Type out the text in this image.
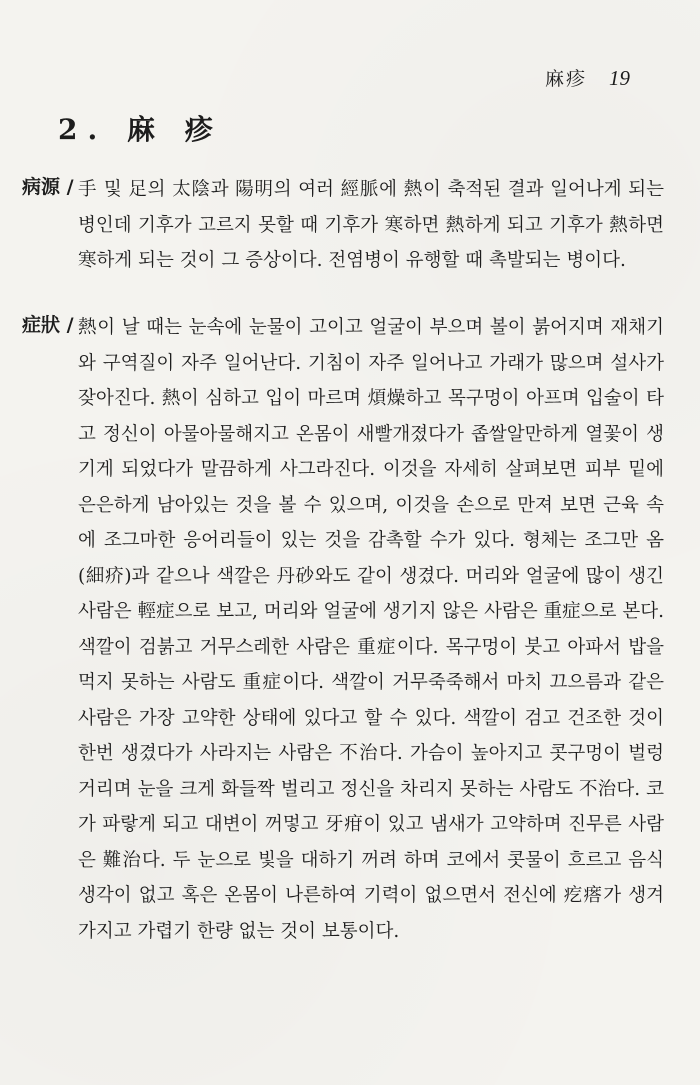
麻疹 19
2. 麻 疹
病源 / 手 및 足의 太陰과 陽明의 여러 經脈에 熱이 축적된 결과 일어나게 되는 병인데 기후가 고르지 못할 때 기후가 寒하면 熱하게 되고 기후가 熱하면 寒하게 되는 것이 그 증상이다. 전염병이 유행할 때 촉발되는 병이다.
症狀 / 熱이 날 때는 눈속에 눈물이 고이고 얼굴이 부으며 볼이 붉어지며 재채기와 구역질이 자주 일어난다. 기침이 자주 일어나고 가래가 많으며 설사가 잦아진다. 熱이 심하고 입이 마르며 煩燥하고 목구멍이 아프며 입술이 타고 정신이 아물아물해지고 온몸이 새빨개졌다가 좁쌀알만하게 열꽃이 생기게 되었다가 말끔하게 사그라진다. 이것을 자세히 살펴보면 피부 밑에 은은하게 남아있는 것을 볼 수 있으며, 이것을 손으로 만져 보면 근육 속에 조그마한 응어리들이 있는 것을 감촉할 수가 있다. 형체는 조그만 옴(細疥)과 같으나 색깔은 丹砂와도 같이 생겼다. 머리와 얼굴에 많이 생긴 사람은 輕症으로 보고, 머리와 얼굴에 생기지 않은 사람은 重症으로 본다. 색깔이 검붉고 거무스레한 사람은 重症이다. 목구멍이 붓고 아파서 밥을 먹지 못하는 사람도 重症이다. 색깔이 거무죽죽해서 마치 끄으름과 같은 사람은 가장 고약한 상태에 있다고 할 수 있다. 색깔이 검고 건조한 것이 한번 생겼다가 사라지는 사람은 不治다. 가슴이 높아지고 콧구멍이 벌렁거리며 눈을 크게 화들짝 벌리고 정신을 차리지 못하는 사람도 不治다. 코가 파랗게 되고 대변이 꺼멓고 牙疳이 있고 냄새가 고약하며 진무른 사람은 難治다. 두 눈으로 빛을 대하기 꺼려 하며 코에서 콧물이 흐르고 음식 생각이 없고 혹은 온몸이 나른하여 기력이 없으면서 전신에 疙瘩가 생겨 가지고 가렵기 한량 없는 것이 보통이다.
